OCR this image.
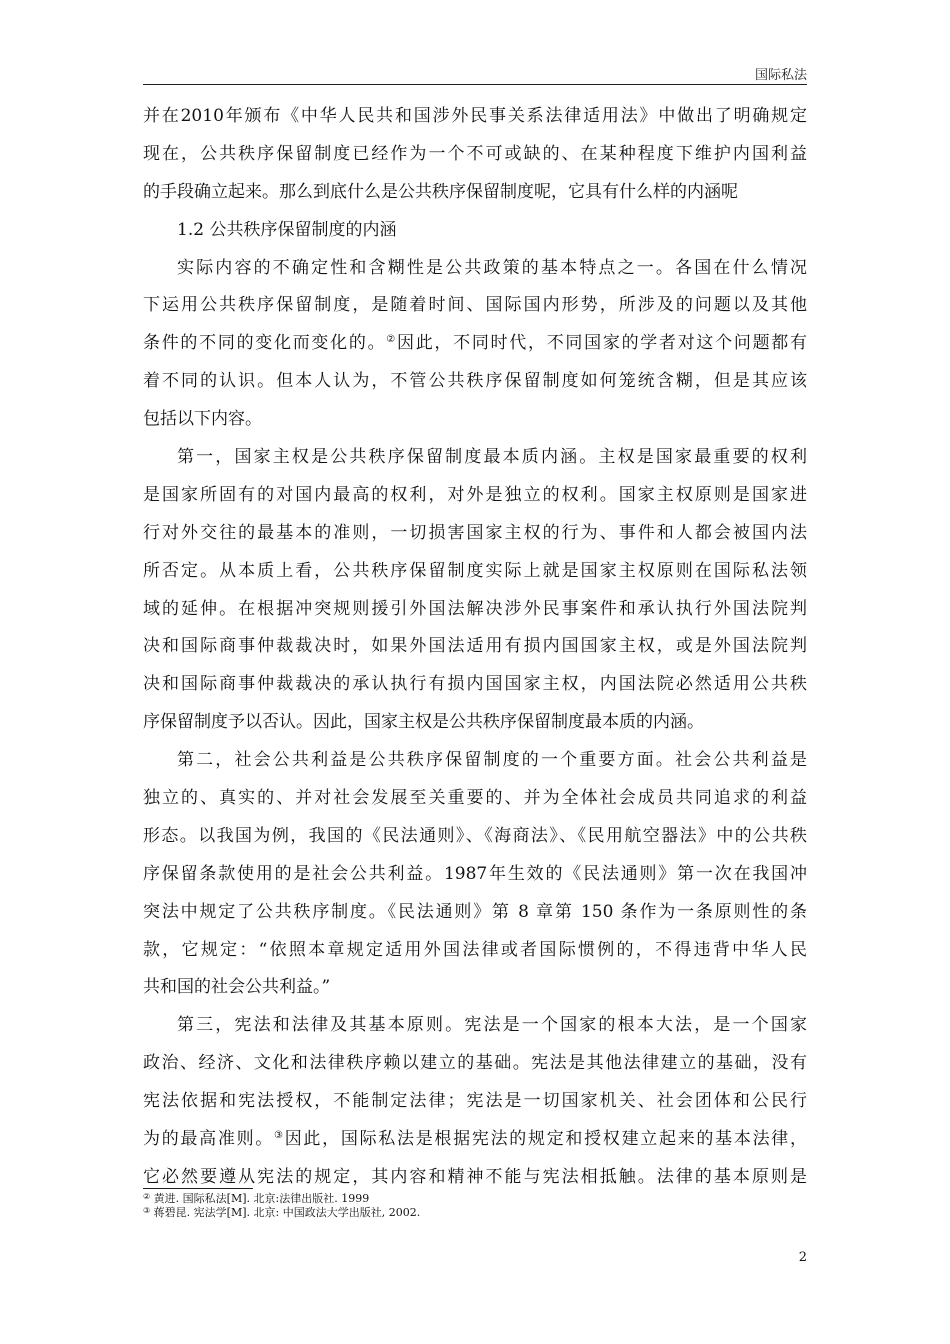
国际私法
并在2010年颁布《中华人民共和国涉外民事关系法律适用法》中做出了明确规定
现在，公共秩序保留制度已经作为一个不可或缺的、在某种程度下维护内国利益
的手段确立起来。那么到底什么是公共秩序保留制度呢，它具有什么样的内涵呢
1.2 公共秩序保留制度的内涵
实际内容的不确定性和含糊性是公共政策的基本特点之一。各国在什么情况
下运用公共秩序保留制度，是随着时间、国际国内形势，所涉及的问题以及其他
条件的不同的变化而变化的。②因此，不同时代，不同国家的学者对这个问题都有
着不同的认识。但本人认为，不管公共秩序保留制度如何笼统含糊，但是其应该
包括以下内容。
第一，国家主权是公共秩序保留制度最本质内涵。主权是国家最重要的权利
是国家所固有的对国内最高的权利，对外是独立的权利。国家主权原则是国家进
行对外交往的最基本的准则，一切损害国家主权的行为、事件和人都会被国内法
所否定。从本质上看，公共秩序保留制度实际上就是国家主权原则在国际私法领
域的延伸。在根据冲突规则援引外国法解决涉外民事案件和承认执行外国法院判
决和国际商事仲裁裁决时，如果外国法适用有损内国国家主权，或是外国法院判
决和国际商事仲裁裁决的承认执行有损内国国家主权，内国法院必然适用公共秩
序保留制度予以否认。因此，国家主权是公共秩序保留制度最本质的内涵。
第二，社会公共利益是公共秩序保留制度的一个重要方面。社会公共利益是
独立的、真实的、并对社会发展至关重要的、并为全体社会成员共同追求的利益
形态。以我国为例，我国的《民法通则》、《海商法》、《民用航空器法》中的公共秩
序保留条款使用的是社会公共利益。1987年生效的《民法通则》第一次在我国冲
突法中规定了公共秩序制度。《民法通则》第 8 章第 150 条作为一条原则性的条
款，它规定：“依照本章规定适用外国法律或者国际惯例的，不得违背中华人民
共和国的社会公共利益。”
第三，宪法和法律及其基本原则。宪法是一个国家的根本大法，是一个国家
政治、经济、文化和法律秩序赖以建立的基础。宪法是其他法律建立的基础，没有
宪法依据和宪法授权，不能制定法律；宪法是一切国家机关、社会团体和公民行
为的最高准则。③因此，国际私法是根据宪法的规定和授权建立起来的基本法律，
它必然要遵从宪法的规定，其内容和精神不能与宪法相抵触。法律的基本原则是
② 黄进. 国际私法[M]. 北京:法律出版社. 1999
③ 蒋碧昆. 宪法学[M]. 北京: 中国政法大学出版社, 2002.
2
